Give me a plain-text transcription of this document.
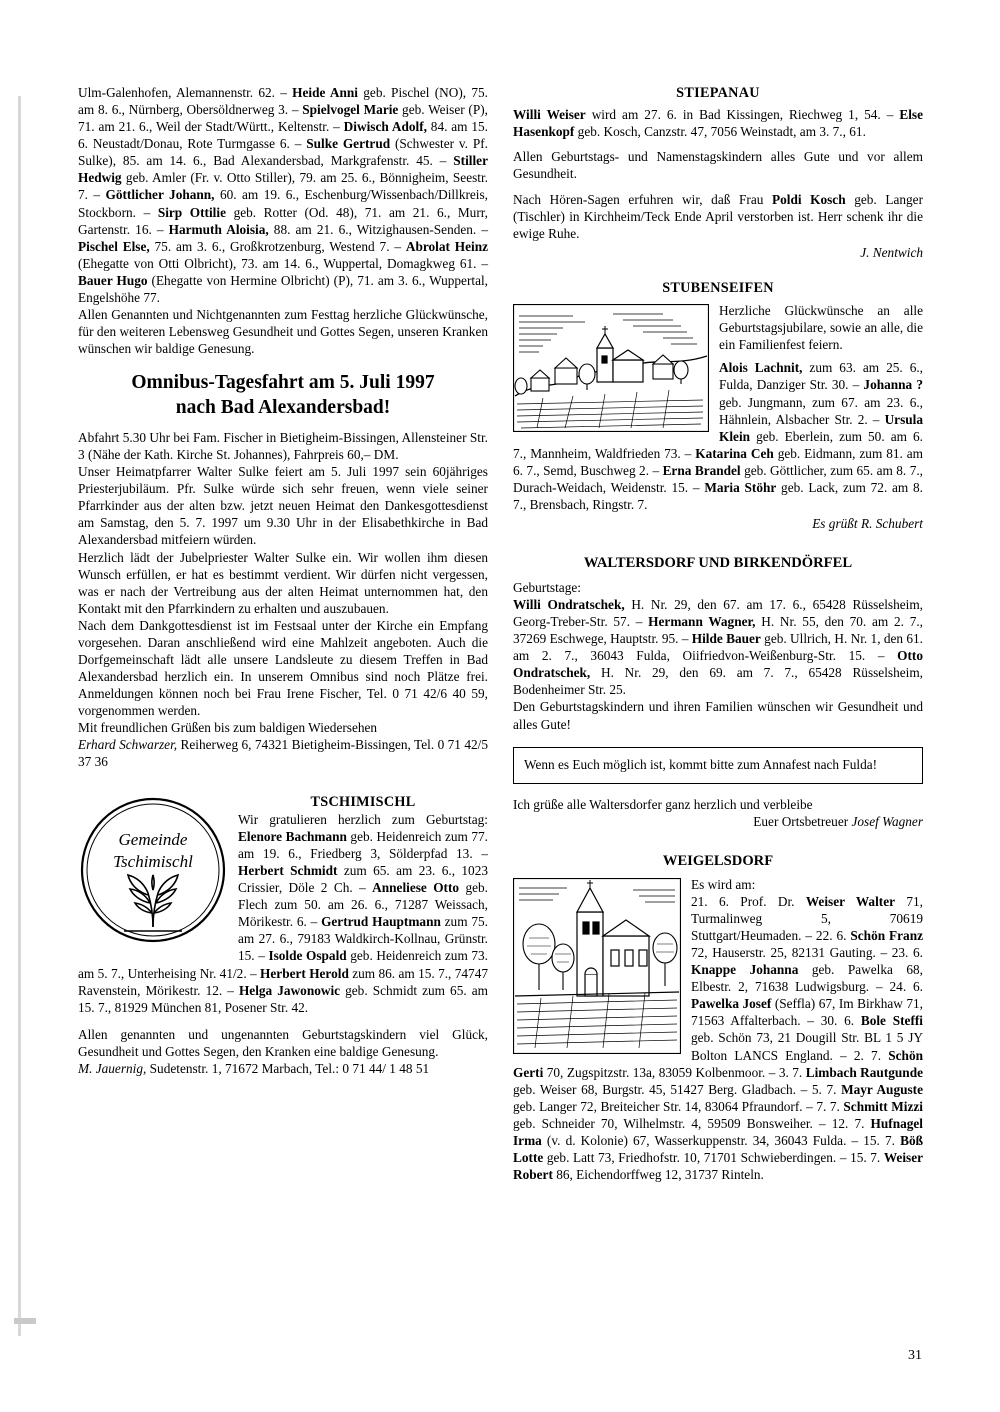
Ulm-Galenhofen, Alemannenstr. 62. – Heide Anni geb. Pischel (NO), 75. am 8. 6., Nürnberg, Obersöldnerweg 3. – Spielvogel Marie geb. Weiser (P), 71. am 21. 6., Weil der Stadt/Württ., Keltenstr. – Diwisch Adolf, 84. am 15. 6. Neustadt/Donau, Rote Turmgasse 6. – Sulke Gertrud (Schwester v. Pf. Sulke), 85. am 14. 6., Bad Alexandersbad, Markgrafenstr. 45. – Stiller Hedwig geb. Amler (Fr. v. Otto Stiller), 79. am 25. 6., Bönnigheim, Seestr. 7. – Göttlicher Johann, 60. am 19. 6., Eschenburg/Wissenbach/Dillkreis, Stockborn. – Sirp Ottilie geb. Rotter (Od. 48), 71. am 21. 6., Murr, Gartenstr. 16. – Harmuth Aloisia, 88. am 21. 6., Witzighausen-Senden. – Pischel Else, 75. am 3. 6., Großkrotzenburg, Westend 7. – Abrolat Heinz (Ehegatte von Otti Olbricht), 73. am 14. 6., Wuppertal, Domagkweg 61. – Bauer Hugo (Ehegatte von Hermine Olbricht) (P), 71. am 3. 6., Wuppertal, Engelshöhe 77.

Allen Genannten und Nichtgenannten zum Festtag herzliche Glückwünsche, für den weiteren Lebensweg Gesundheit und Gottes Segen, unseren Kranken wünschen wir baldige Genesung.

Omnibus-Tagesfahrt am 5. Juli 1997

nach Bad Alexandersbad!

Abfahrt 5.30 Uhr bei Fam. Fischer in Bietigheim-Bissingen, Allensteiner Str. 3 (Nähe der Kath. Kirche St. Johannes), Fahrpreis 60,– DM.

Unser Heimatpfarrer Walter Sulke feiert am 5. Juli 1997 sein 60jähriges Priesterjubiläum. Pfr. Sulke würde sich sehr freuen, wenn viele seiner Pfarrkinder aus der alten bzw. jetzt neuen Heimat den Dankesgottesdienst am Samstag, den 5. 7. 1997 um 9.30 Uhr in der Elisabethkirche in Bad Alexandersbad mitfeiern würden.

Herzlich lädt der Jubelpriester Walter Sulke ein. Wir wollen ihm diesen Wunsch erfüllen, er hat es bestimmt verdient. Wir dürfen nicht vergessen, was er nach der Vertreibung aus der alten Heimat unternommen hat, den Kontakt mit den Pfarrkindern zu erhalten und auszubauen.

Nach dem Dankgottesdienst ist im Festsaal unter der Kirche ein Empfang vorgesehen. Daran anschließend wird eine Mahlzeit angeboten. Auch die Dorfgemeinschaft lädt alle unsere Landsleute zu diesem Treffen in Bad Alexandersbad herzlich ein. In unserem Omnibus sind noch Plätze frei. Anmeldungen können noch bei Frau Irene Fischer, Tel. 0 71 42/6 40 59, vorgenommen werden.

Mit freundlichen Grüßen bis zum baldigen Wiedersehen

Erhard Schwarzer, Reiherweg 6, 74321 Bietigheim-Bissingen, Tel. 0 71 42/5 37 36

Gemeinde
Tschimischl

TSCHIMISCHL

Wir gratulieren herzlich zum Geburtstag: Elenore Bachmann geb. Heidenreich zum 77. am 19. 6., Friedberg 3, Sölderpfad 13. – Herbert Schmidt zum 65. am 23. 6., 1023 Crissier, Döle 2 Ch. – Anneliese Otto geb. Flech zum 50. am 26. 6., 71287 Weissach, Mörikestr. 6. – Gertrud Hauptmann zum 75. am 27. 6., 79183 Waldkirch-Kollnau, Grünstr. 15. – Isolde Ospald geb. Heidenreich zum 73. am 5. 7., Unterheising Nr. 41/2. – Herbert Herold zum 86. am 15. 7., 74747 Ravenstein, Mörikestr. 12. – Helga Jawonowic geb. Schmidt zum 65. am 15. 7., 81929 München 81, Posener Str. 42.

Allen genannten und ungenannten Geburtstagskindern viel Glück, Gesundheit und Gottes Segen, den Kranken eine baldige Genesung.

M. Jauernig, Sudetenstr. 1, 71672 Marbach, Tel.: 0 71 44/ 1 48 51

STIEPANAU

Willi Weiser wird am 27. 6. in Bad Kissingen, Riechweg 1, 54. – Else Hasenkopf geb. Kosch, Canzstr. 47, 7056 Weinstadt, am 3. 7., 61.

Allen Geburtstags- und Namenstagskindern alles Gute und vor allem Gesundheit.

Nach Hören-Sagen erfuhren wir, daß Frau Poldi Kosch geb. Langer (Tischler) in Kirchheim/Teck Ende April verstorben ist. Herr schenk ihr die ewige Ruhe.

J. Nentwich

STUBENSEIFEN

Herzliche Glückwünsche an alle Geburtstagsjubilare, sowie an alle, die ein Familienfest feiern.

Alois Lachnit, zum 63. am 25. 6., Fulda, Danziger Str. 30. – Johanna ? geb. Jungmann, zum 67. am 23. 6., Hähnlein, Alsbacher Str. 2. – Ursula Klein geb. Eberlein, zum 50. am 6. 7., Mannheim, Waldfrieden 73. – Katarina Ceh geb. Eidmann, zum 81. am 6. 7., Semd, Buschweg 2. – Erna Brandel geb. Göttlicher, zum 65. am 8. 7., Durach-Weidach, Weidenstr. 15. – Maria Stöhr geb. Lack, zum 72. am 8. 7., Brensbach, Ringstr. 7.

Es grüßt R. Schubert

WALTERSDORF UND BIRKENDÖRFEL

Geburtstage:

Willi Ondratschek, H. Nr. 29, den 67. am 17. 6., 65428 Rüsselsheim, Georg-Treber-Str. 57. – Hermann Wagner, H. Nr. 55, den 70. am 2. 7., 37269 Eschwege, Hauptstr. 95. – Hilde Bauer geb. Ullrich, H. Nr. 1, den 61. am 2. 7., 36043 Fulda, Oiifriedvon-Weißenburg-Str. 15. – Otto Ondratschek, H. Nr. 29, den 69. am 7. 7., 65428 Rüsselsheim, Bodenheimer Str. 25.

Den Geburtstagskindern und ihren Familien wünschen wir Gesundheit und alles Gute!

Wenn es Euch möglich ist, kommt bitte zum Annafest nach Fulda!

Ich grüße alle Waltersdorfer ganz herzlich und verbleibe

Euer Ortsbetreuer Josef Wagner

WEIGELSDORF

Es wird am:

21. 6. Prof. Dr. Weiser Walter 71, Turmalinweg 5, 70619 Stuttgart/Heumaden. – 22. 6. Schön Franz 72, Hauserstr. 25, 82131 Gauting. – 23. 6. Knappe Johanna geb. Pawelka 68, Elbestr. 2, 71638 Ludwigsburg. – 24. 6. Pawelka Josef (Seffla) 67, Im Birkhaw 71, 71563 Affalterbach. – 30. 6. Bole Steffi geb. Schön 73, 21 Dougill Str. BL 1 5 JY Bolton LANCS England. – 2. 7. Schön Gerti 70, Zugspitzstr. 13a, 83059 Kolbenmoor. – 3. 7. Limbach Rautgunde geb. Weiser 68, Burgstr. 45, 51427 Berg. Gladbach. – 5. 7. Mayr Auguste geb. Langer 72, Breiteicher Str. 14, 83064 Pfraundorf. – 7. 7. Schmitt Mizzi geb. Schneider 70, Wilhelmstr. 4, 59509 Bonsweiher. – 12. 7. Hufnagel Irma (v. d. Kolonie) 67, Wasserkuppenstr. 34, 36043 Fulda. – 15. 7. Böß Lotte geb. Latt 73, Friedhofstr. 10, 71701 Schwieberdingen. – 15. 7. Weiser Robert 86, Eichendorffweg 12, 31737 Rinteln.

31
